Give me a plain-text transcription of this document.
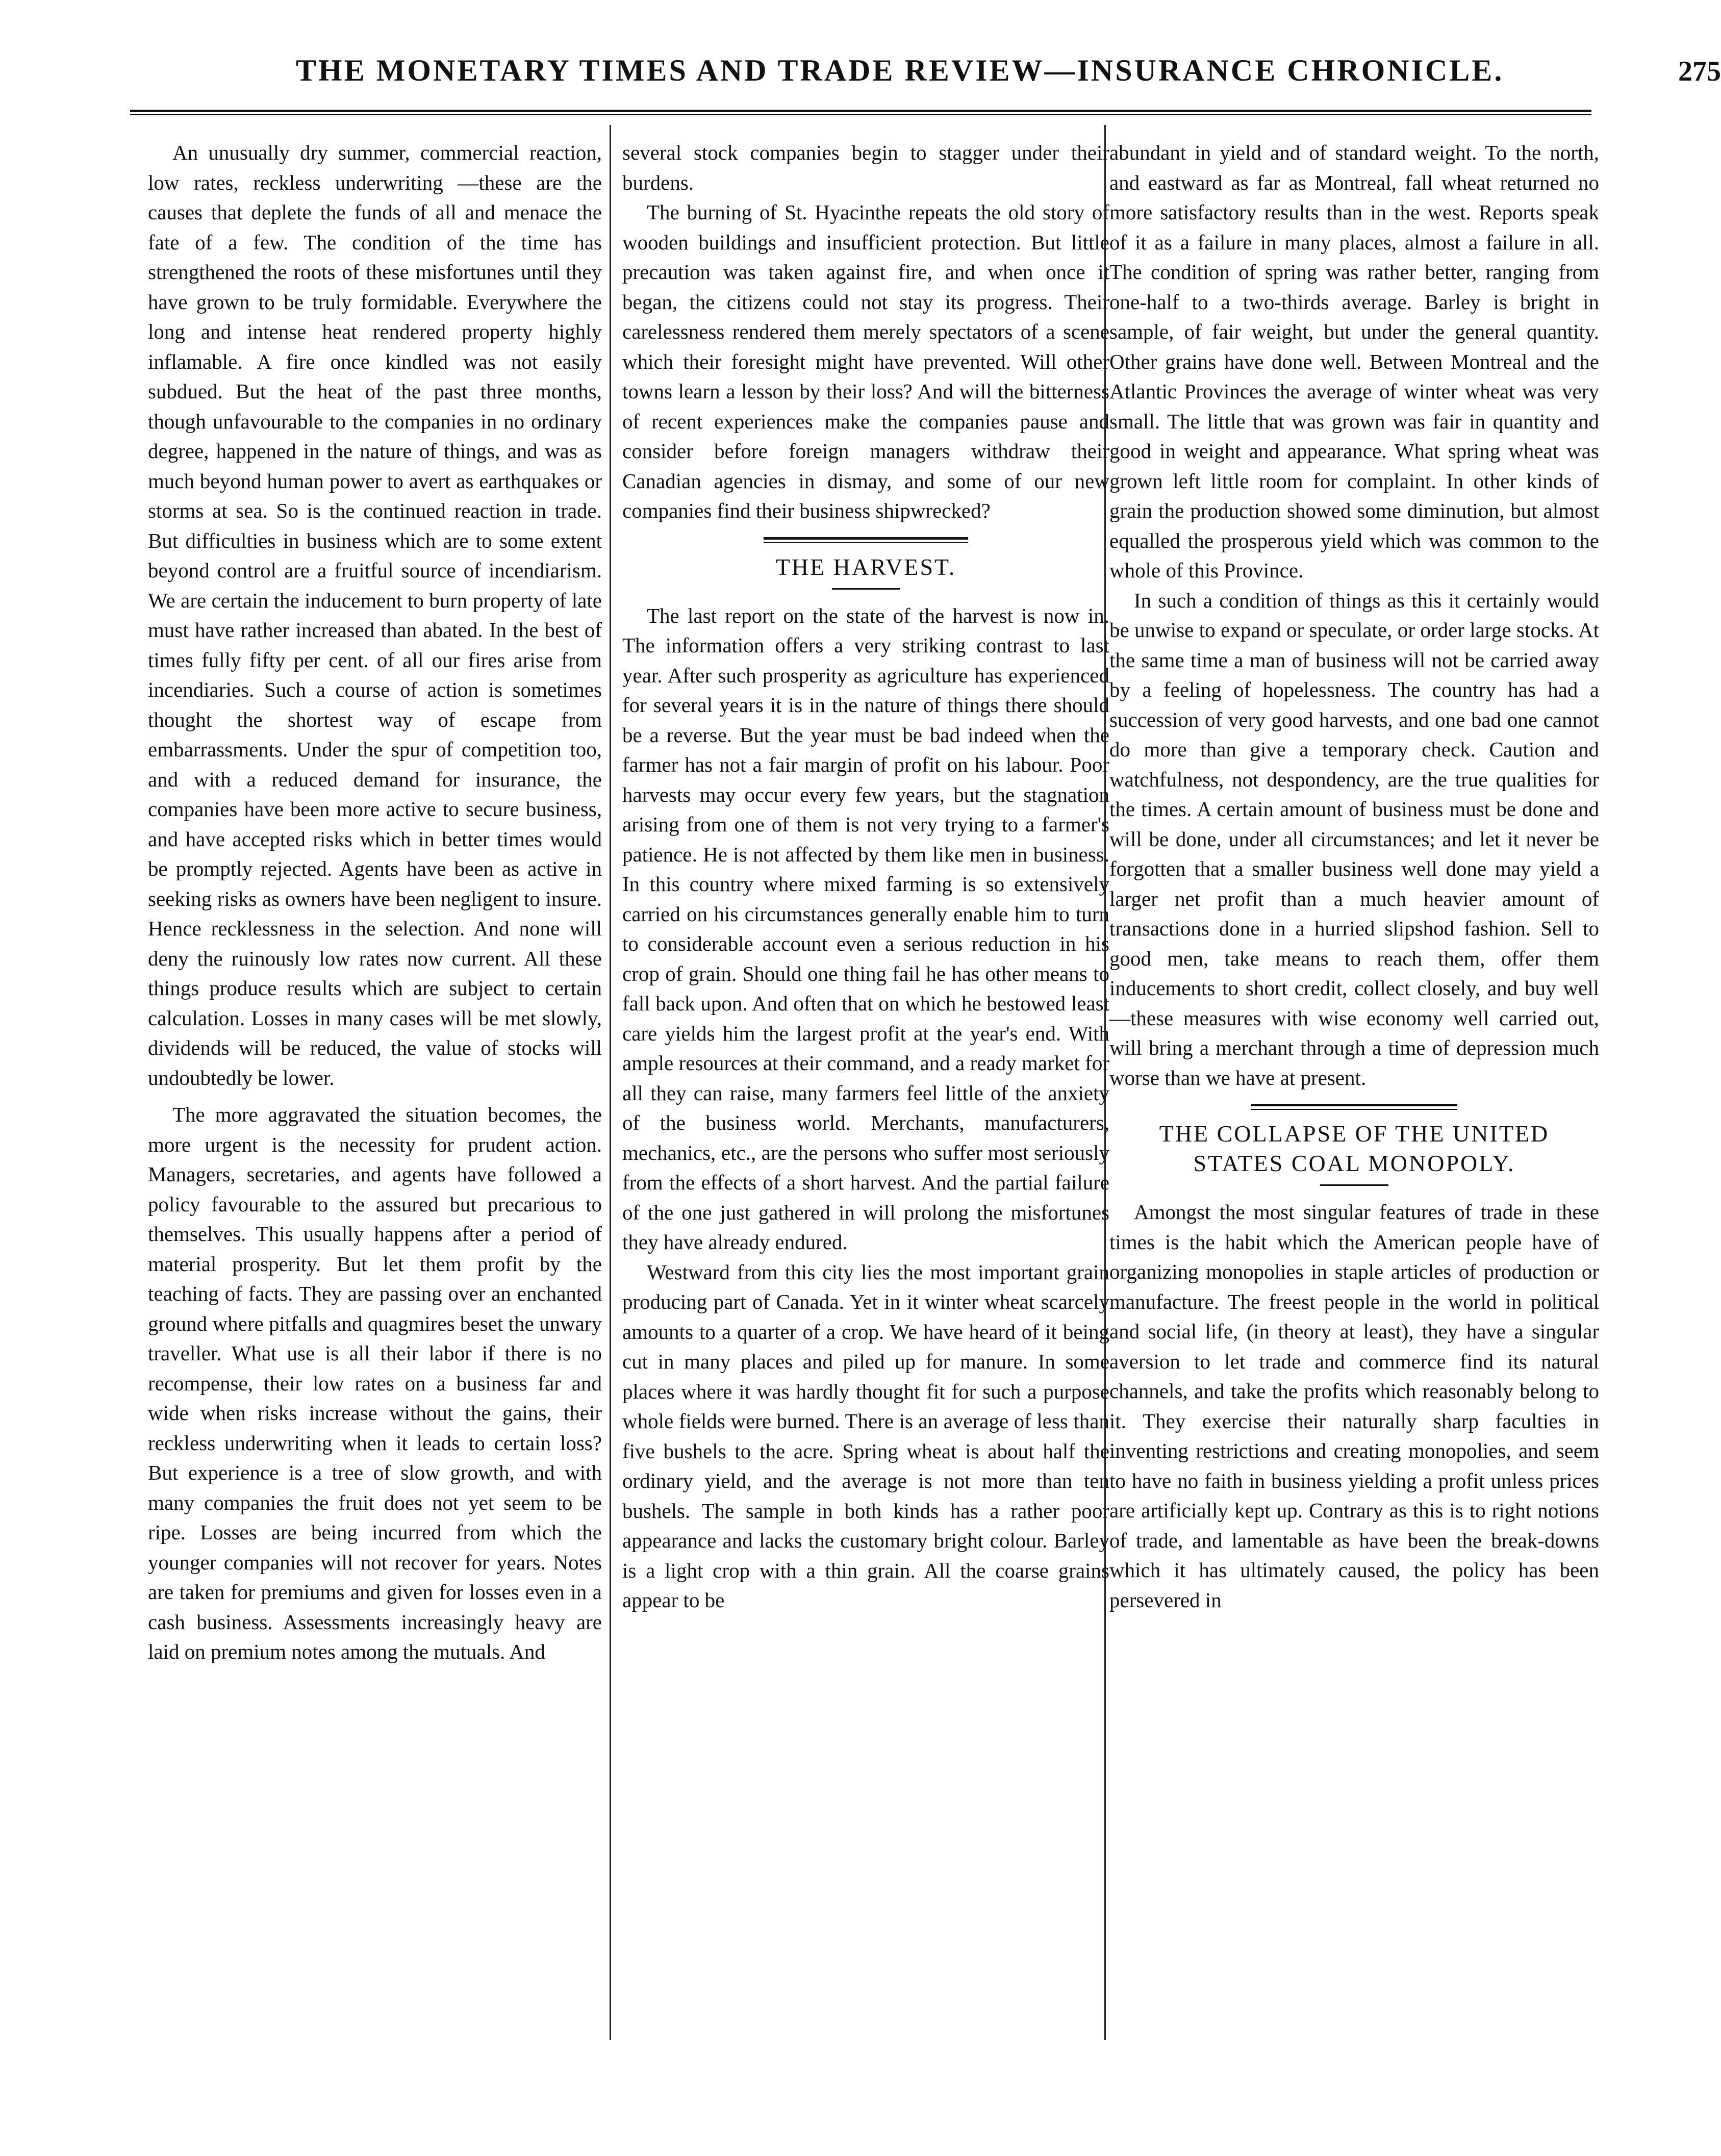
THE MONETARY TIMES AND TRADE REVIEW—INSURANCE CHRONICLE.	275

An unusually dry summer, commercial reaction, low rates, reckless underwriting —these are the causes that deplete the funds of all and menace the fate of a few. The condition of the time has strengthened the roots of these misfortunes until they have grown to be truly formidable. Everywhere the long and intense heat rendered property highly inflamable. A fire once kindled was not easily subdued. But the heat of the past three months, though unfavourable to the companies in no ordinary degree, happened in the nature of things, and was as much beyond human power to avert as earthquakes or storms at sea. So is the continued reaction in trade. But difficulties in business which are to some extent beyond control are a fruitful source of incendiarism. We are certain the inducement to burn property of late must have rather increased than abated. In the best of times fully fifty per cent. of all our fires arise from incendiaries. Such a course of action is sometimes thought the shortest way of escape from embarrassments. Under the spur of competition too, and with a reduced demand for insurance, the companies have been more active to secure business, and have accepted risks which in better times would be promptly rejected. Agents have been as active in seeking risks as owners have been negligent to insure. Hence recklessness in the selection. And none will deny the ruinously low rates now current. All these things produce results which are subject to certain calculation. Losses in many cases will be met slowly, dividends will be reduced, the value of stocks will undoubtedly be lower.

The more aggravated the situation becomes, the more urgent is the necessity for prudent action. Managers, secretaries, and agents have followed a policy favourable to the assured but precarious to themselves. This usually happens after a period of material prosperity. But let them profit by the teaching of facts. They are passing over an enchanted ground where pitfalls and quagmires beset the unwary traveller. What use is all their labor if there is no recompense, their low rates on a business far and wide when risks increase without the gains, their reckless underwriting when it leads to certain loss? But experience is a tree of slow growth, and with many companies the fruit does not yet seem to be ripe. Losses are being incurred from which the younger companies will not recover for years. Notes are taken for premiums and given for losses even in a cash business. Assessments increasingly heavy are laid on premium notes among the mutuals. And

several stock companies begin to stagger under their burdens.

The burning of St. Hyacinthe repeats the old story of wooden buildings and insufficient protection. But little precaution was taken against fire, and when once it began, the citizens could not stay its progress. Their carelessness rendered them merely spectators of a scene which their foresight might have prevented. Will other towns learn a lesson by their loss? And will the bitterness of recent experiences make the companies pause and consider before foreign managers withdraw their Canadian agencies in dismay, and some of our new companies find their business shipwrecked?

THE HARVEST.

The last report on the state of the harvest is now in. The information offers a very striking contrast to last year. After such prosperity as agriculture has experienced for several years it is in the nature of things there should be a reverse. But the year must be bad indeed when the farmer has not a fair margin of profit on his labour. Poor harvests may occur every few years, but the stagnation arising from one of them is not very trying to a farmer's patience. He is not affected by them like men in business. In this country where mixed farming is so extensively carried on his circumstances generally enable him to turn to considerable account even a serious reduction in his crop of grain. Should one thing fail he has other means to fall back upon. And often that on which he bestowed least care yields him the largest profit at the year's end. With ample resources at their command, and a ready market for all they can raise, many farmers feel little of the anxiety of the business world. Merchants, manufacturers, mechanics, etc., are the persons who suffer most seriously from the effects of a short harvest. And the partial failure of the one just gathered in will prolong the misfortunes they have already endured.

Westward from this city lies the most important grain producing part of Canada. Yet in it winter wheat scarcely amounts to a quarter of a crop. We have heard of it being cut in many places and piled up for manure. In some places where it was hardly thought fit for such a purpose whole fields were burned. There is an average of less than five bushels to the acre. Spring wheat is about half the ordinary yield, and the average is not more than ten bushels. The sample in both kinds has a rather poor appearance and lacks the customary bright colour. Barley is a light crop with a thin grain. All the coarse grains appear to be

abundant in yield and of standard weight. To the north, and eastward as far as Montreal, fall wheat returned no more satisfactory results than in the west. Reports speak of it as a failure in many places, almost a failure in all. The condition of spring was rather better, ranging from one-half to a two-thirds average. Barley is bright in sample, of fair weight, but under the general quantity. Other grains have done well. Between Montreal and the Atlantic Provinces the average of winter wheat was very small. The little that was grown was fair in quantity and good in weight and appearance. What spring wheat was grown left little room for complaint. In other kinds of grain the production showed some diminution, but almost equalled the prosperous yield which was common to the whole of this Province.

In such a condition of things as this it certainly would be unwise to expand or speculate, or order large stocks. At the same time a man of business will not be carried away by a feeling of hopelessness. The country has had a succession of very good harvests, and one bad one cannot do more than give a temporary check. Caution and watchfulness, not despondency, are the true qualities for the times. A certain amount of business must be done and will be done, under all circumstances; and let it never be forgotten that a smaller business well done may yield a larger net profit than a much heavier amount of transactions done in a hurried slipshod fashion. Sell to good men, take means to reach them, offer them inducements to short credit, collect closely, and buy well—these measures with wise economy well carried out, will bring a merchant through a time of depression much worse than we have at present.

THE COLLAPSE OF THE UNITED
STATES COAL MONOPOLY.

Amongst the most singular features of trade in these times is the habit which the American people have of organizing monopolies in staple articles of production or manufacture. The freest people in the world in political and social life, (in theory at least), they have a singular aversion to let trade and commerce find its natural channels, and take the profits which reasonably belong to it. They exercise their naturally sharp faculties in inventing restrictions and creating monopolies, and seem to have no faith in business yielding a profit unless prices are artificially kept up. Contrary as this is to right notions of trade, and lamentable as have been the break-downs which it has ultimately caused, the policy has been persevered in
